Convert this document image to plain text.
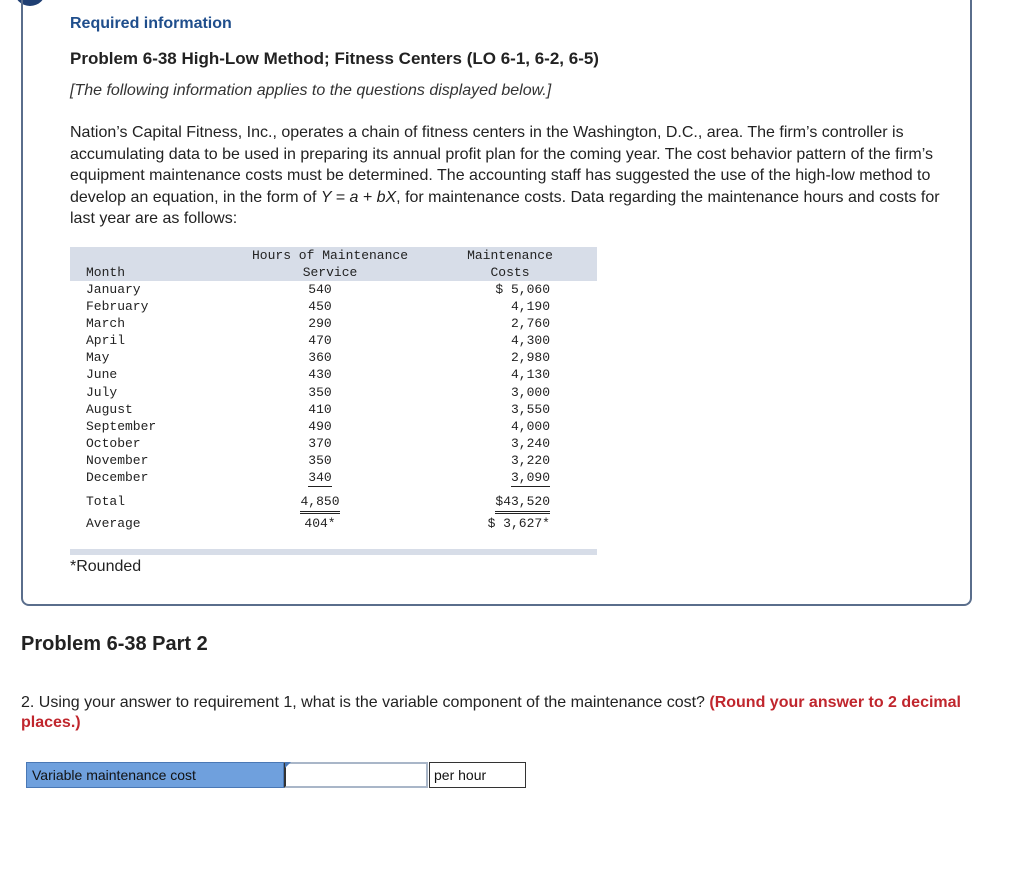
Required information
Problem 6-38 High-Low Method; Fitness Centers (LO 6-1, 6-2, 6-5)
[The following information applies to the questions displayed below.]
Nation’s Capital Fitness, Inc., operates a chain of fitness centers in the Washington, D.C., area. The firm’s controller is accumulating data to be used in preparing its annual profit plan for the coming year. The cost behavior pattern of the firm’s equipment maintenance costs must be determined. The accounting staff has suggested the use of the high-low method to develop an equation, in the form of Y = a + bX, for maintenance costs. Data regarding the maintenance hours and costs for last year are as follows:
Month
Hours of Maintenance
Service
Maintenance
Costs
January	540	$ 5,060
February	450	4,190
March	290	2,760
April	470	4,300
May	360	2,980
June	430	4,130
July	350	3,000
August	410	3,550
September	490	4,000
October	370	3,240
November	350	3,220
December	340	3,090
Total	4,850	$43,520
Average	404*	$ 3,627*
*Rounded
Problem 6-38 Part 2
2. Using your answer to requirement 1, what is the variable component of the maintenance cost? (Round your answer to 2 decimal places.)
Variable maintenance cost	per hour
